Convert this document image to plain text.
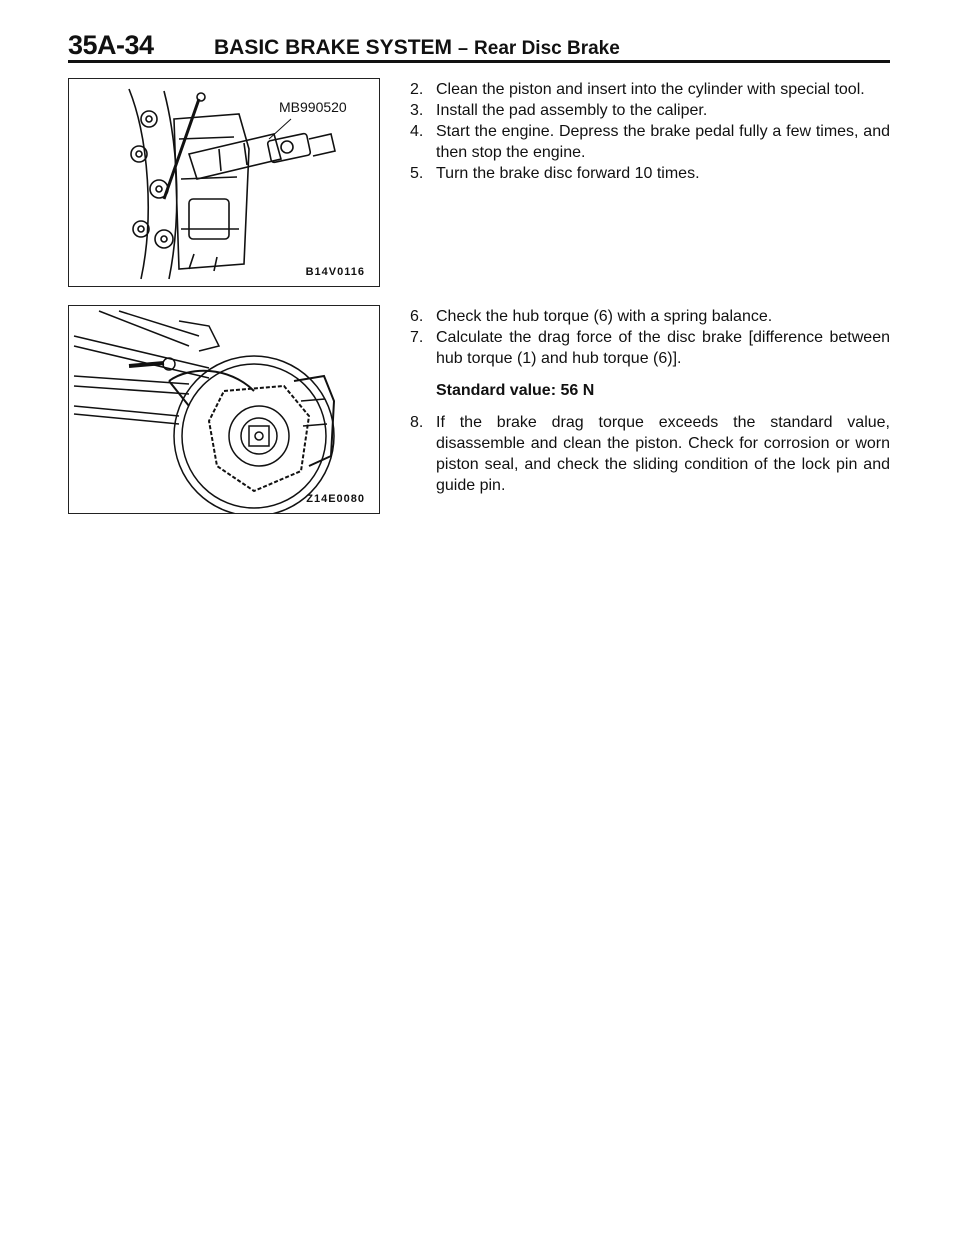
35A-34	BASIC BRAKE SYSTEM – Rear Disc Brake
MB990520
B14V0116
Z14E0080

2. Clean the piston and insert into the cylinder with special tool.

3. Install the pad assembly to the caliper.

4. Start the engine. Depress the brake pedal fully a few times, and then stop the engine.

5. Turn the brake disc forward 10 times.

6. Check the hub torque (6) with a spring balance.

7. Calculate the drag force of the disc brake [difference between hub torque (1) and hub torque (6)].

Standard value: 56 N

8. If the brake drag torque exceeds the standard value, disassemble and clean the piston. Check for corrosion or worn piston seal, and check the sliding condition of the lock pin and guide pin.
